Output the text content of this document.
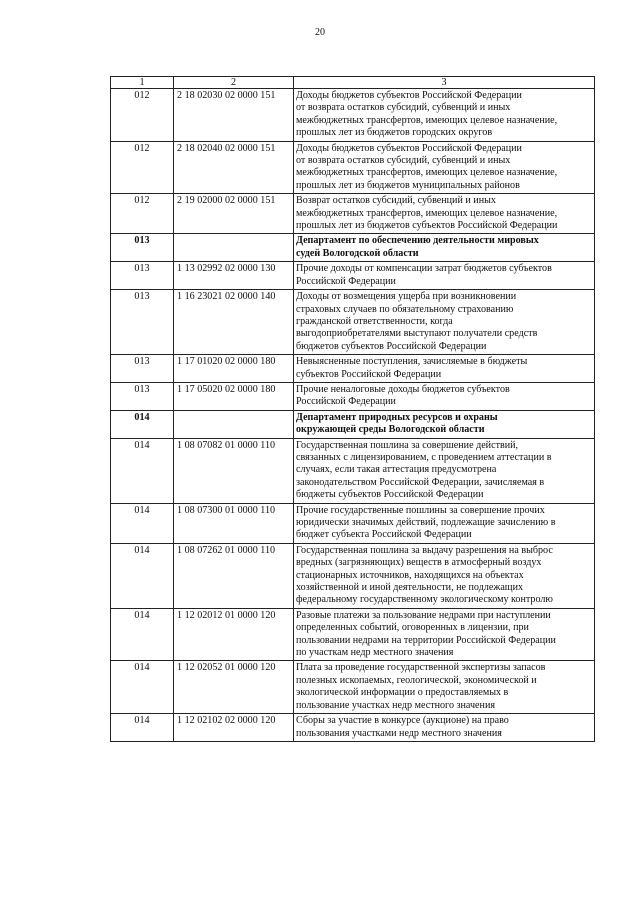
20
1	2	3
012	2 18 02030 02 0000 151	Доходы бюджетов субъектов Российской Федерации
от возврата остатков субсидий, субвенций и иных
межбюджетных трансфертов, имеющих целевое назначение,
прошлых лет из бюджетов городских округов

012	2 18 02040 02 0000 151	Доходы бюджетов субъектов Российской Федерации
от возврата остатков субсидий, субвенций и иных
межбюджетных трансфертов, имеющих целевое назначение,
прошлых лет из бюджетов муниципальных районов

012	2 19 02000 02 0000 151	Возврат остатков субсидий, субвенций и иных
межбюджетных трансфертов, имеющих целевое назначение,
прошлых лет из бюджетов субъектов Российской Федерации

013		Департамент по обеспечению деятельности мировых
судей Вологодской области

013	1 13 02992 02 0000 130	Прочие доходы от компенсации затрат бюджетов субъектов
Российской Федерации

013	1 16 23021 02 0000 140	Доходы от возмещения ущерба при возникновении
страховых случаев по обязательному страхованию
гражданской ответственности, когда
выгодоприобретателями выступают получатели средств
бюджетов субъектов Российской Федерации

013	1 17 01020 02 0000 180	Невыясненные поступления, зачисляемые в бюджеты
субъектов Российской Федерации

013	1 17 05020 02 0000 180	Прочие неналоговые доходы бюджетов субъектов
Российской Федерации

014		Департамент природных ресурсов и охраны
окружающей среды Вологодской области

014	1 08 07082 01 0000 110	Государственная пошлина за совершение действий,
связанных с лицензированием, с проведением аттестации в
случаях, если такая аттестация предусмотрена
законодательством Российской Федерации, зачисляемая в
бюджеты субъектов Российской Федерации

014	1 08 07300 01 0000 110	Прочие государственные пошлины за совершение прочих
юридически значимых действий, подлежащие зачислению в
бюджет субъекта Российской Федерации

014	1 08 07262 01 0000 110	Государственная пошлина за выдачу разрешения на выброс
вредных (загрязняющих) веществ в атмосферный воздух
стационарных источников, находящихся на объектах
хозяйственной и иной деятельности, не подлежащих
федеральному государственному экологическому контролю

014	1 12 02012 01 0000 120	Разовые платежи за пользование недрами при наступлении
определенных событий, оговоренных в лицензии, при
пользовании недрами на территории Российской Федерации
по участкам недр местного значения

014	1 12 02052 01 0000 120	Плата за проведение государственной экспертизы запасов
полезных ископаемых, геологической, экономической и
экологической информации о предоставляемых в
пользование участках недр местного значения

014	1 12 02102 02 0000 120	Сборы за участие в конкурсе (аукционе) на право
пользования участками недр местного значения
